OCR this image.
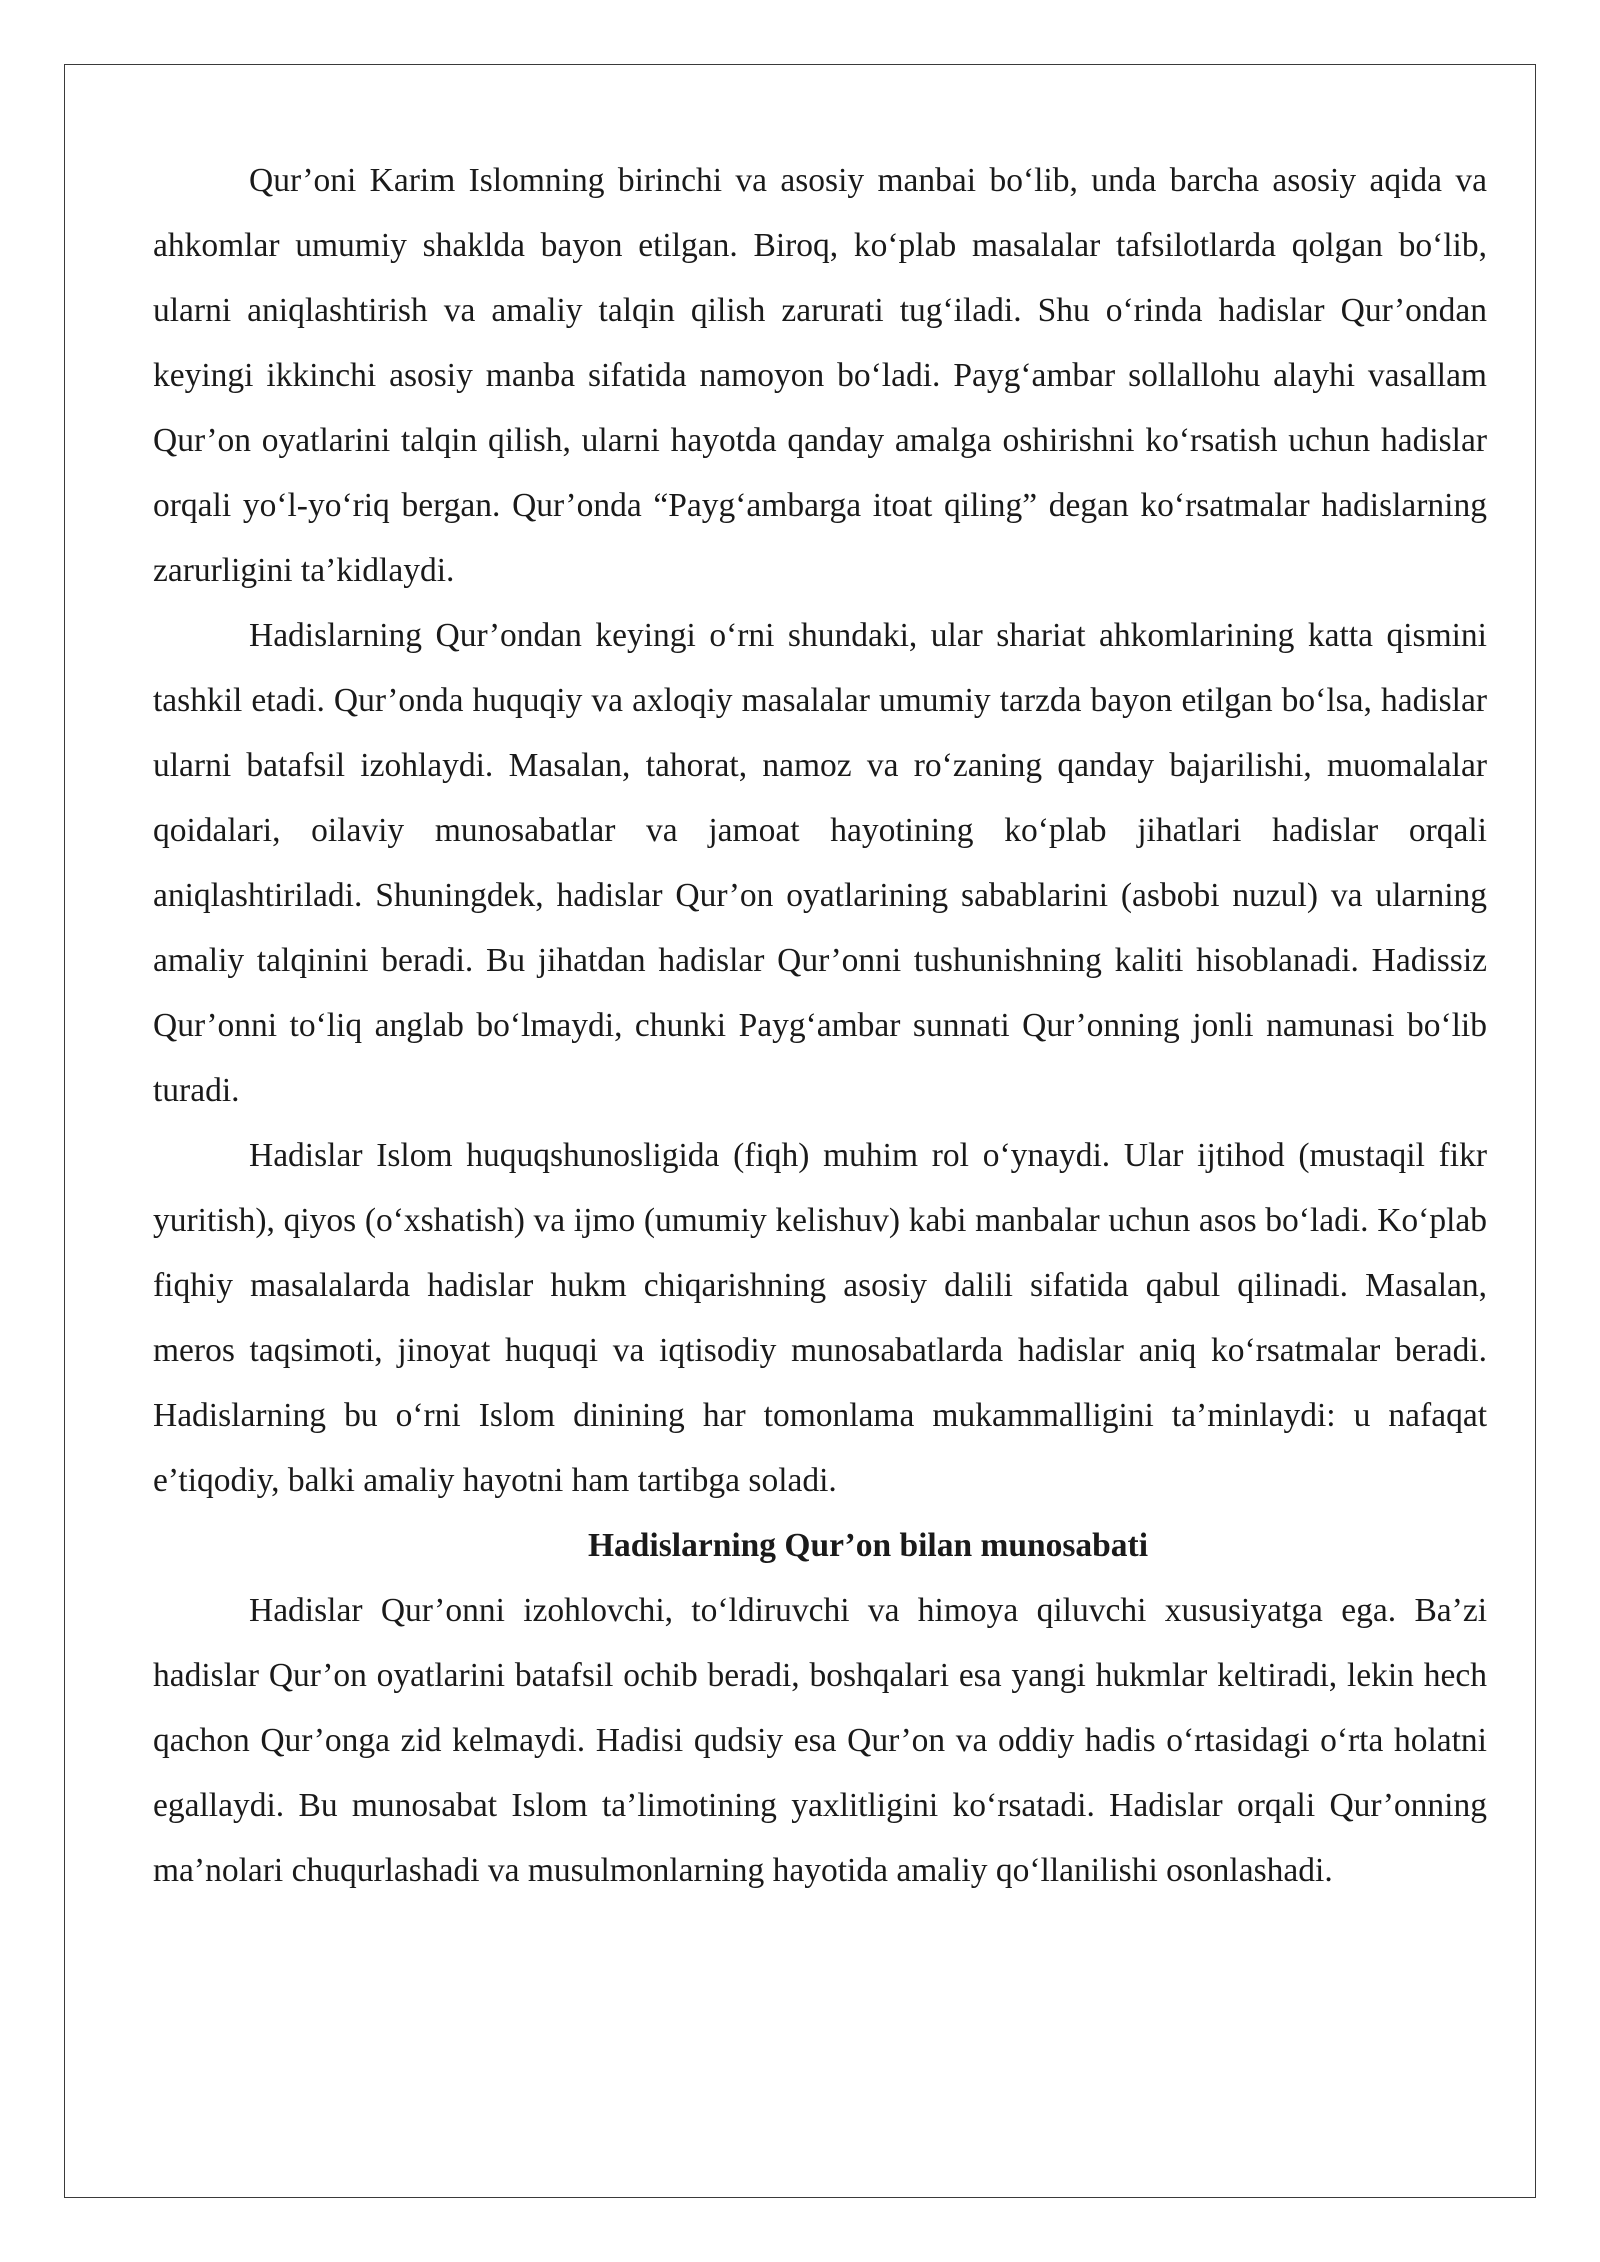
Qur’oni Karim Islomning birinchi va asosiy manbai bo‘lib, unda barcha asosiy aqida va ahkomlar umumiy shaklda bayon etilgan. Biroq, ko‘plab masalalar tafsilotlarda qolgan bo‘lib, ularni aniqlashtirish va amaliy talqin qilish zarurati tug‘iladi. Shu o‘rinda hadislar Qur’ondan keyingi ikkinchi asosiy manba sifatida namoyon bo‘ladi. Payg‘ambar sollallohu alayhi vasallam Qur’on oyatlarini talqin qilish, ularni hayotda qanday amalga oshirishni ko‘rsatish uchun hadislar orqali yo‘l-yo‘riq bergan. Qur’onda “Payg‘ambarga itoat qiling” degan ko‘rsatmalar hadislarning zarurligini ta’kidlaydi.

Hadislarning Qur’ondan keyingi o‘rni shundaki, ular shariat ahkomlarining katta qismini tashkil etadi. Qur’onda huquqiy va axloqiy masalalar umumiy tarzda bayon etilgan bo‘lsa, hadislar ularni batafsil izohlaydi. Masalan, tahorat, namoz va ro‘zaning qanday bajarilishi, muomalalar qoidalari, oilaviy munosabatlar va jamoat hayotining ko‘plab jihatlari hadislar orqali aniqlashtiriladi. Shuningdek, hadislar Qur’on oyatlarining sabablarini (asbobi nuzul) va ularning amaliy talqinini beradi. Bu jihatdan hadislar Qur’onni tushunishning kaliti hisoblanadi. Hadissiz Qur’onni to‘liq anglab bo‘lmaydi, chunki Payg‘ambar sunnati Qur’onning jonli namunasi bo‘lib turadi.

Hadislar Islom huquqshunosligida (fiqh) muhim rol o‘ynaydi. Ular ijtihod (mustaqil fikr yuritish), qiyos (o‘xshatish) va ijmo (umumiy kelishuv) kabi manbalar uchun asos bo‘ladi. Ko‘plab fiqhiy masalalarda hadislar hukm chiqarishning asosiy dalili sifatida qabul qilinadi. Masalan, meros taqsimoti, jinoyat huquqi va iqtisodiy munosabatlarda hadislar aniq ko‘rsatmalar beradi. Hadislarning bu o‘rni Islom dinining har tomonlama mukammalligini ta’minlaydi: u nafaqat e’tiqodiy, balki amaliy hayotni ham tartibga soladi.

Hadislarning Qur’on bilan munosabati

Hadislar Qur’onni izohlovchi, to‘ldiruvchi va himoya qiluvchi xususiyatga ega. Ba’zi hadislar Qur’on oyatlarini batafsil ochib beradi, boshqalari esa yangi hukmlar keltiradi, lekin hech qachon Qur’onga zid kelmaydi. Hadisi qudsiy esa Qur’on va oddiy hadis o‘rtasidagi o‘rta holatni egallaydi. Bu munosabat Islom ta’limotining yaxlitligini ko‘rsatadi. Hadislar orqali Qur’onning ma’nolari chuqurlashadi va musulmonlarning hayotida amaliy qo‘llanilishi osonlashadi.
